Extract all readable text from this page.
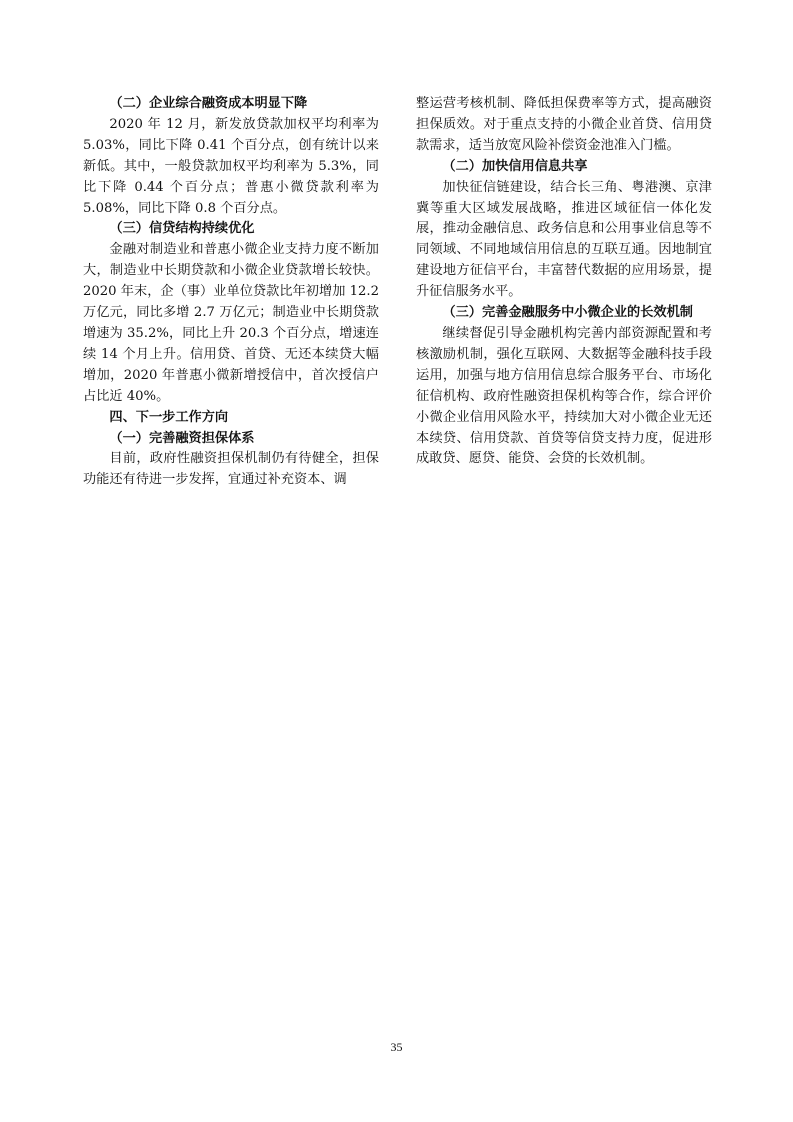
（二）企业综合融资成本明显下降

2020 年 12 月，新发放贷款加权平均利率为 5.03%，同比下降 0.41 个百分点，创有统计以来新低。其中，一般贷款加权平均利率为 5.3%，同比下降 0.44 个百分点；普惠小微贷款利率为 5.08%，同比下降 0.8 个百分点。

（三）信贷结构持续优化

金融对制造业和普惠小微企业支持力度不断加大，制造业中长期贷款和小微企业贷款增长较快。2020 年末，企（事）业单位贷款比年初增加 12.2 万亿元，同比多增 2.7 万亿元；制造业中长期贷款增速为 35.2%，同比上升 20.3 个百分点，增速连续 14 个月上升。信用贷、首贷、无还本续贷大幅增加，2020 年普惠小微新增授信中，首次授信户占比近 40%。

四、下一步工作方向

（一）完善融资担保体系

目前，政府性融资担保机制仍有待健全，担保功能还有待进一步发挥，宜通过补充资本、调

整运营考核机制、降低担保费率等方式，提高融资担保质效。对于重点支持的小微企业首贷、信用贷款需求，适当放宽风险补偿资金池准入门槛。

（二）加快信用信息共享

加快征信链建设，结合长三角、粤港澳、京津冀等重大区域发展战略，推进区域征信一体化发展，推动金融信息、政务信息和公用事业信息等不同领域、不同地域信用信息的互联互通。因地制宜建设地方征信平台，丰富替代数据的应用场景，提升征信服务水平。

（三）完善金融服务中小微企业的长效机制

继续督促引导金融机构完善内部资源配置和考核激励机制，强化互联网、大数据等金融科技手段运用，加强与地方信用信息综合服务平台、市场化征信机构、政府性融资担保机构等合作，综合评价小微企业信用风险水平，持续加大对小微企业无还本续贷、信用贷款、首贷等信贷支持力度，促进形成敢贷、愿贷、能贷、会贷的长效机制。

35
